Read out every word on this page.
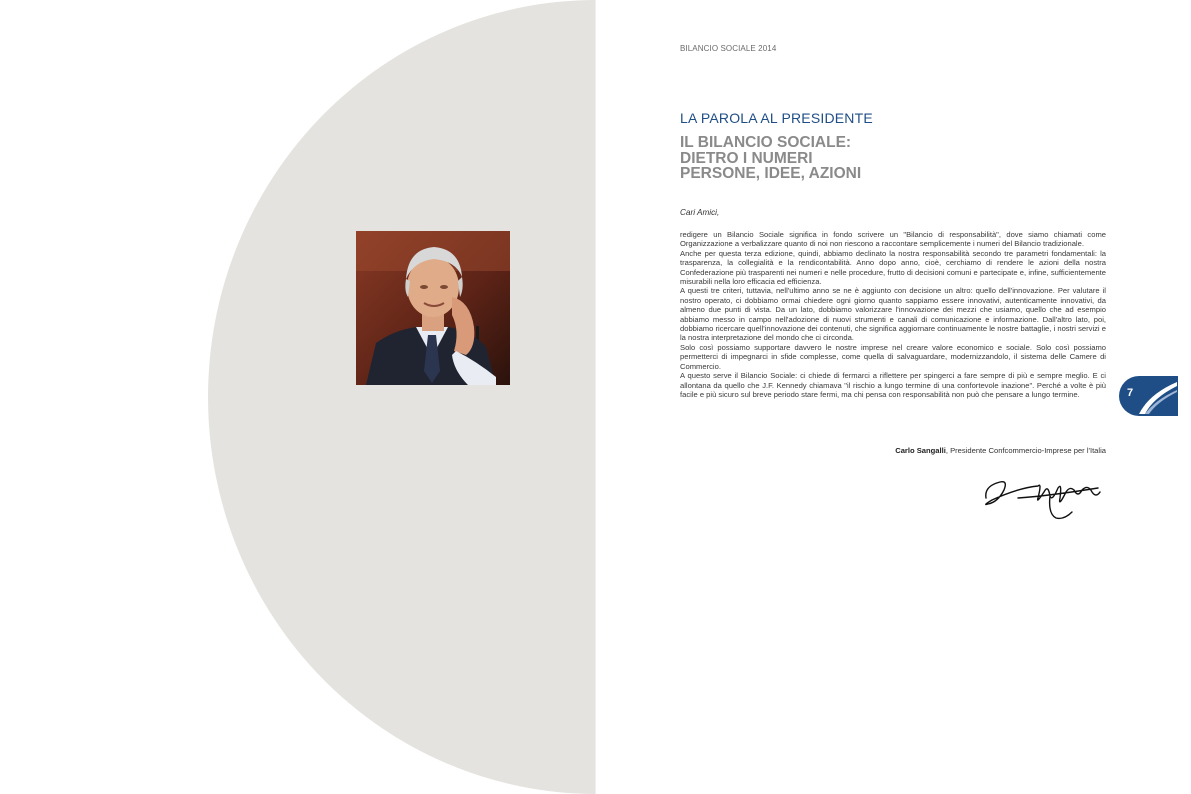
BILANCIO SOCIALE 2014
LA PAROLA AL PRESIDENTE
IL BILANCIO SOCIALE:
DIETRO I NUMERI
PERSONE, IDEE, AZIONI
Cari Amici,

redigere un Bilancio Sociale significa in fondo scrivere un "Bilancio di responsabilità", dove siamo chiamati come Organizzazione a verbalizzare quanto di noi non riescono a raccontare semplicemente i numeri del Bilancio tradizionale.

Anche per questa terza edizione, quindi, abbiamo declinato la nostra responsabilità secondo tre parametri fondamentali: la trasparenza, la collegialità e la rendicontabilità. Anno dopo anno, cioè, cerchiamo di rendere le azioni della nostra Confederazione più trasparenti nei numeri e nelle procedure, frutto di decisioni comuni e partecipate e, infine, sufficientemente misurabili nella loro efficacia ed efficienza.

A questi tre criteri, tuttavia, nell'ultimo anno se ne è aggiunto con decisione un altro: quello dell'innovazione. Per valutare il nostro operato, ci dobbiamo ormai chiedere ogni giorno quanto sappiamo essere innovativi, autenticamente innovativi, da almeno due punti di vista. Da un lato, dobbiamo valorizzare l'innovazione dei mezzi che usiamo, quello che ad esempio abbiamo messo in campo nell'adozione di nuovi strumenti e canali di comunicazione e informazione. Dall'altro lato, poi, dobbiamo ricercare quell'innovazione dei contenuti, che significa aggiornare continuamente le nostre battaglie, i nostri servizi e la nostra interpretazione del mondo che ci circonda.

Solo così possiamo supportare davvero le nostre imprese nel creare valore economico e sociale. Solo così possiamo permetterci di impegnarci in sfide complesse, come quella di salvaguardare, modernizzandolo, il sistema delle Camere di Commercio.

A questo serve il Bilancio Sociale: ci chiede di fermarci a riflettere per spingerci a fare sempre di più e sempre meglio. E ci allontana da quello che J.F. Kennedy chiamava "il rischio a lungo termine di una confortevole inazione". Perché a volte è più facile e più sicuro sul breve periodo stare fermi, ma chi pensa con responsabilità non può che pensare a lungo termine.

Carlo Sangalli, Presidente Confcommercio-Imprese per l'Italia
7
